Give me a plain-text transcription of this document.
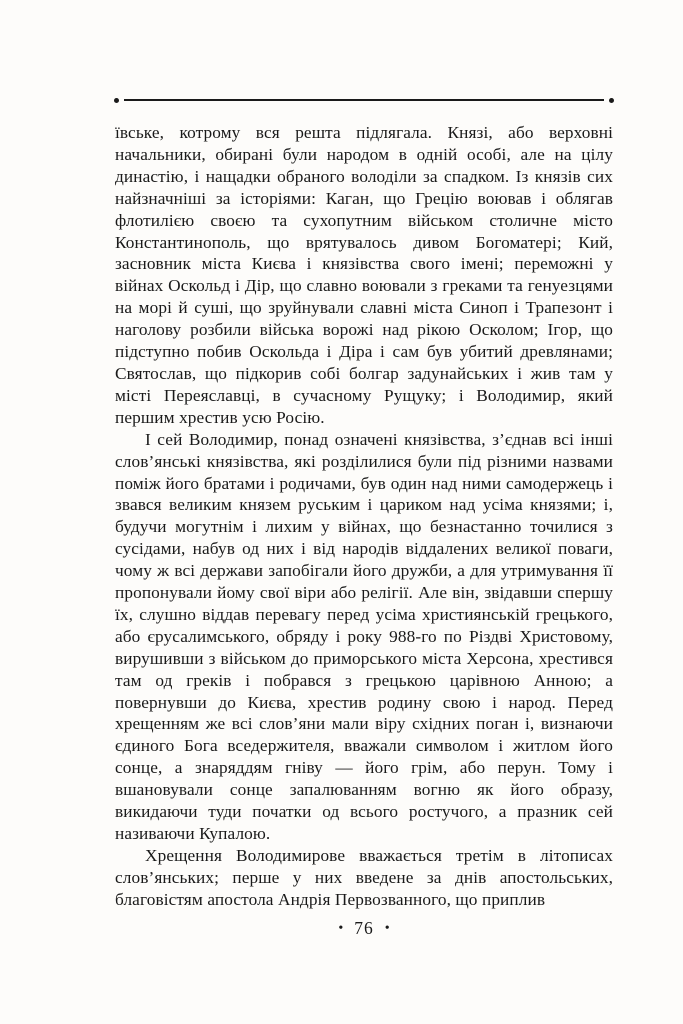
ївське, котрому вся решта підлягала. Князі, або верховні начальники, обирані були народом в одній особі, але на цілу династію, і нащадки обраного володіли за спадком. Із князів сих найзначніші за історіями: Каган, що Грецію воював і облягав флотилією своєю та сухопутним військом столичне місто Константинополь, що врятувалось дивом Богоматері; Кий, засновник міста Києва і князівства свого імені; переможні у війнах Оскольд і Дір, що славно воювали з греками та генуезцями на морі й суші, що зруйнували славні міста Синоп і Трапезонт і наголову розбили війська ворожі над рікою Осколом; Ігор, що підступно побив Оскольда і Діра і сам був убитий древлянами; Святослав, що підкорив собі болгар задунайських і жив там у місті Переяславці, в сучасному Рущуку; і Володимир, який першим хрестив усю Росію.

І сей Володимир, понад означені князівства, з’єднав всі інші слов’янські князівства, які розділилися були під різними назвами поміж його братами і родичами, був один над ними самодержець і звався великим князем руським і цариком над усіма князями; і, будучи могутнім і лихим у війнах, що безнастанно точилися з сусідами, набув од них і від народів віддалених великої поваги, чому ж всі держави запобігали його дружби, а для утримування її пропонували йому свої віри або релігії. Але він, звідавши спершу їх, слушно віддав перевагу перед усіма християнській грецького, або єрусалимського, обряду і року 988-го по Різдві Христовому, вирушивши з військом до приморського міста Херсона, хрестився там од греків і побрався з грецькою царівною Анною; а повернувши до Києва, хрестив родину свою і народ. Перед хрещенням же всі слов’яни мали віру східних поган і, визнаючи єдиного Бога вседержителя, вважали символом і житлом його сонце, а знаряддям гніву — його грім, або перун. Тому і вшановували сонце запалюванням вогню як його образу, викидаючи туди початки од всього ростучого, а празник сей називаючи Купалою.

Хрещення Володимирове вважається третім в літописах слов’янських; перше у них введене за днів апостольських, благовістям апостола Андрія Первозванного, що приплив

• 76 •
